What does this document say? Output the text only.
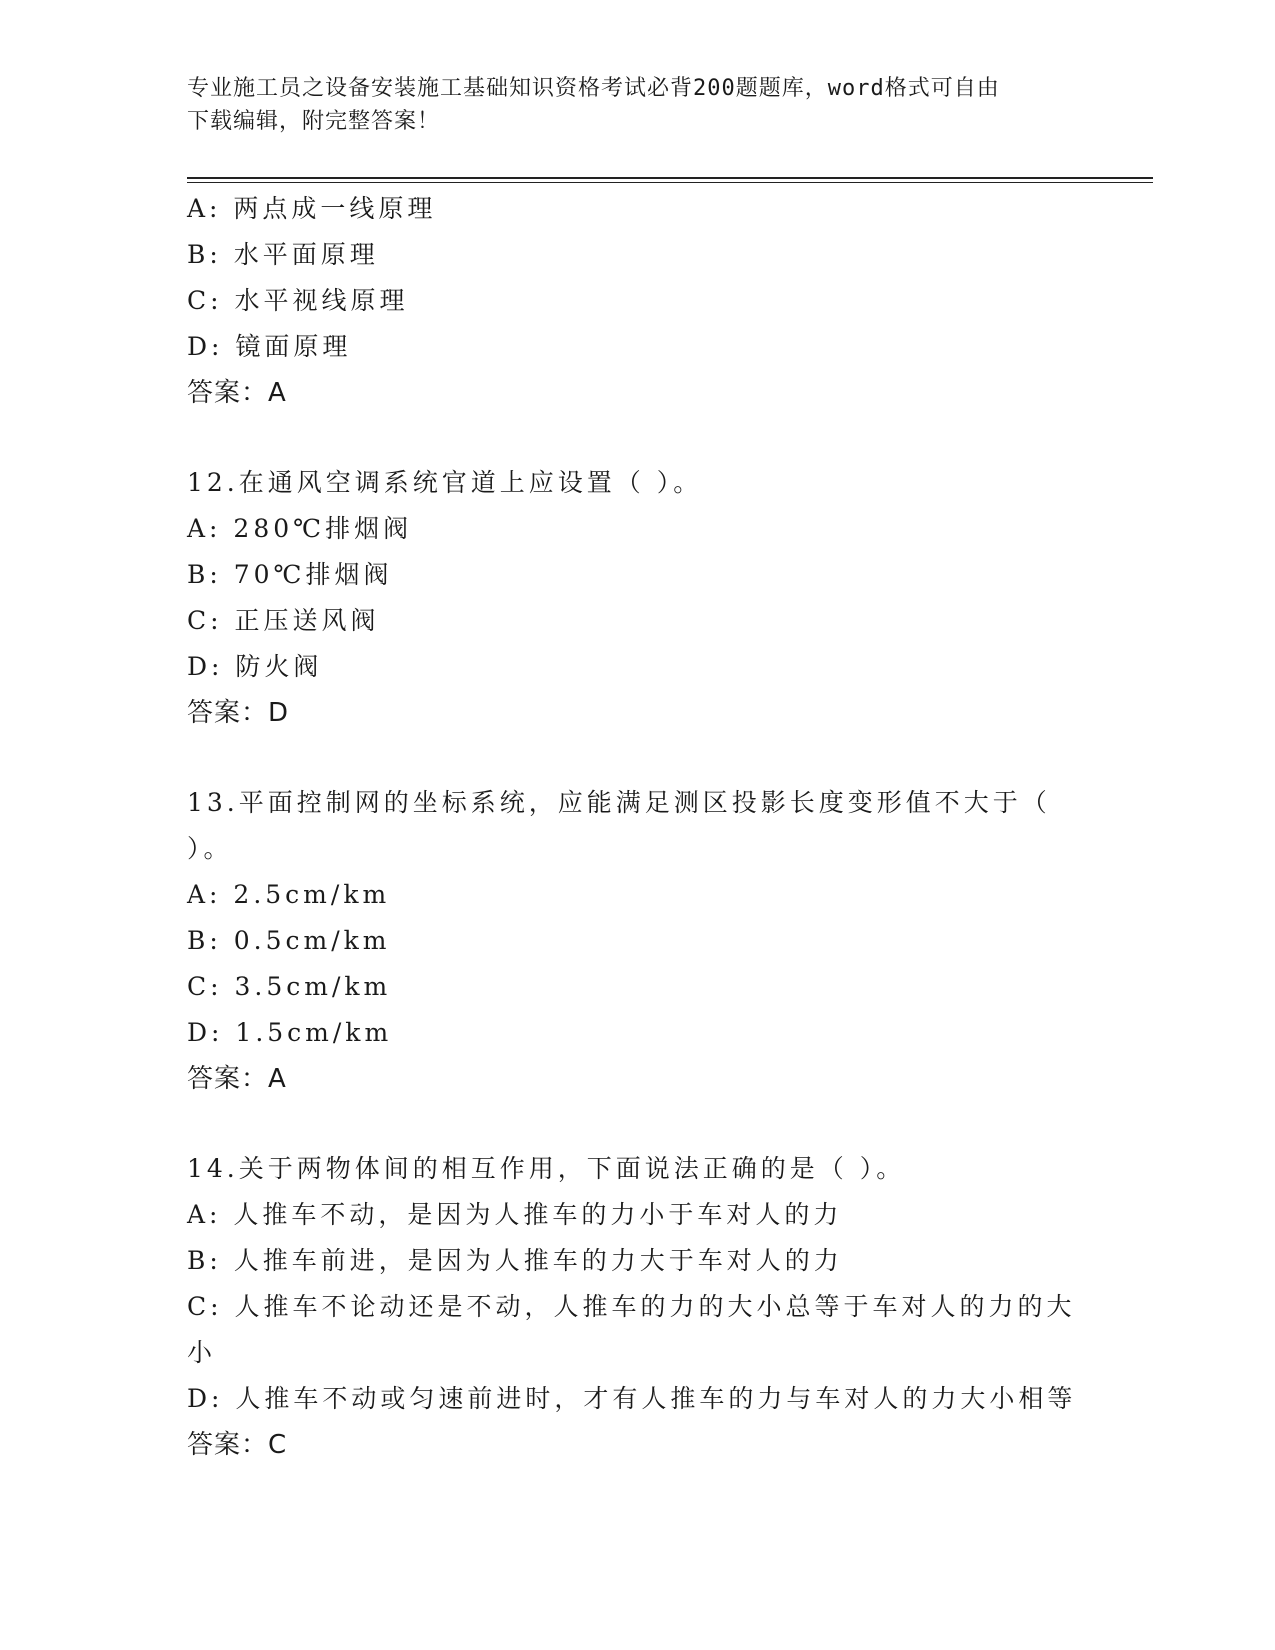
专业施工员之设备安装施工基础知识资格考试必背200题题库，word格式可自由
下载编辑，附完整答案！
A: 两点成一线原理
B: 水平面原理
C: 水平视线原理
D: 镜面原理
答案：A
12.在通风空调系统官道上应设置（ ）。
A: 280℃排烟阀
B: 70℃排烟阀
C: 正压送风阀
D: 防火阀
答案：D
13.平面控制网的坐标系统，应能满足测区投影长度变形值不大于（
）。
A: 2.5cm/km
B: 0.5cm/km
C: 3.5cm/km
D: 1.5cm/km
答案：A
14.关于两物体间的相互作用，下面说法正确的是（ ）。
A: 人推车不动，是因为人推车的力小于车对人的力
B: 人推车前进，是因为人推车的力大于车对人的力
C: 人推车不论动还是不动，人推车的力的大小总等于车对人的力的大
小
D: 人推车不动或匀速前进时，才有人推车的力与车对人的力大小相等
答案：C
